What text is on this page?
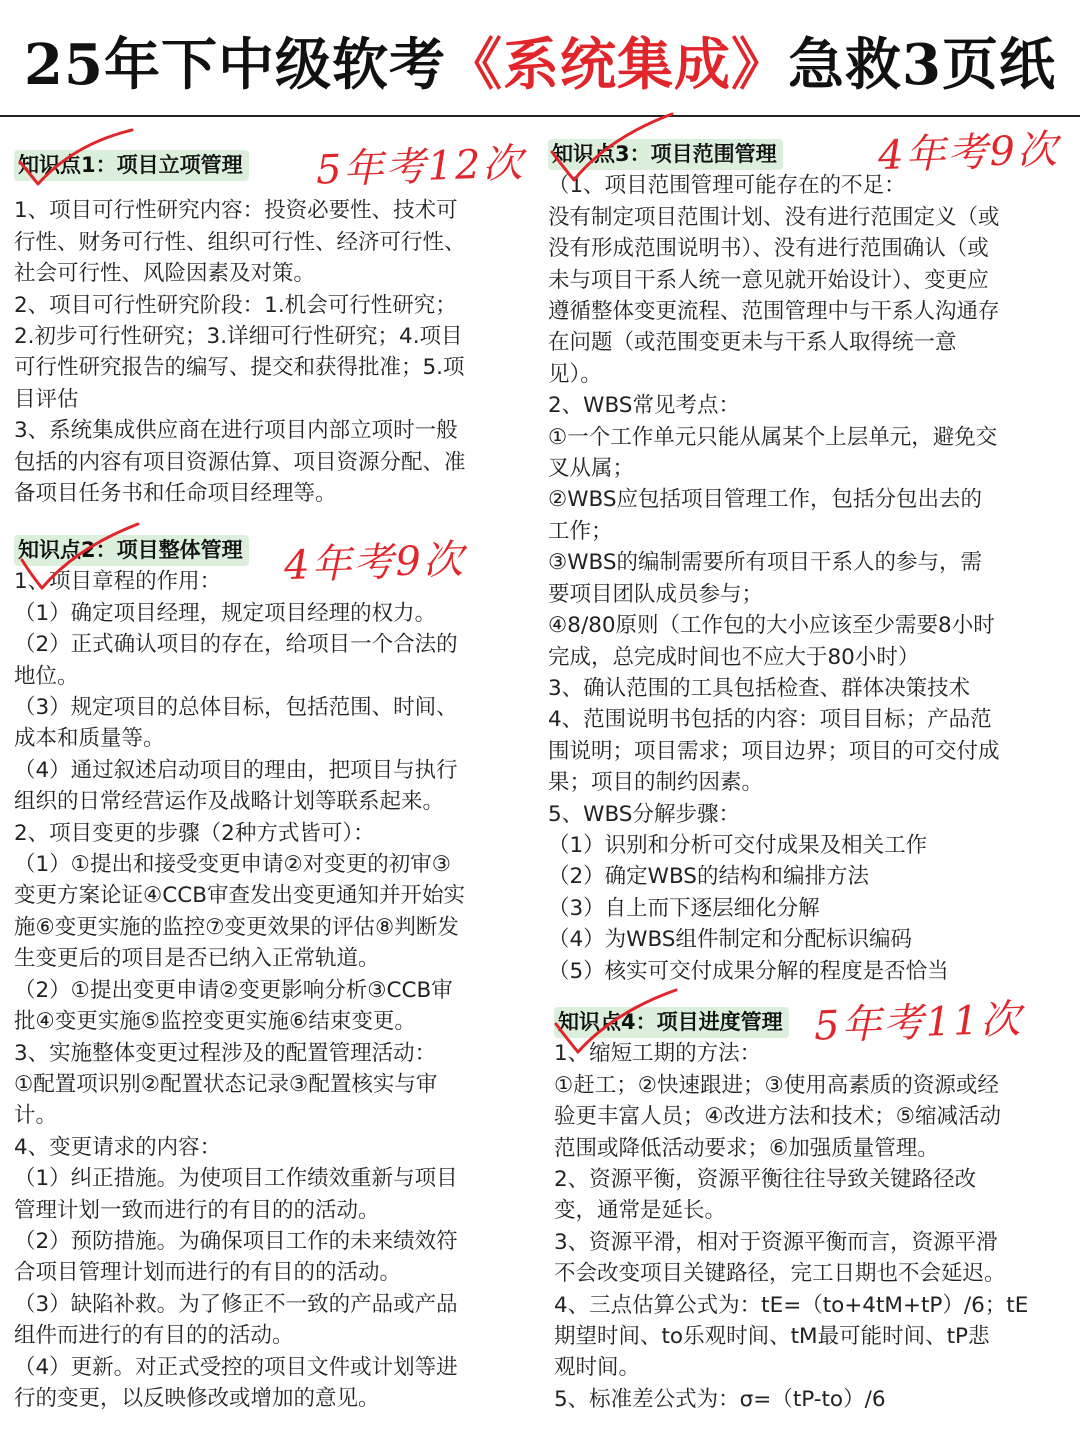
25年下中级软考《系统集成》急救3页纸
知识点1：项目立项管理

1、项目可行性研究内容：投资必要性、技术可

行性、财务可行性、组织可行性、经济可行性、

社会可行性、风险因素及对策。

2、项目可行性研究阶段：1.机会可行性研究；

2.初步可行性研究；3.详细可行性研究；4.项目

可行性研究报告的编写、提交和获得批准；5.项

目评估

3、系统集成供应商在进行项目内部立项时一般

包括的内容有项目资源估算、项目资源分配、准

备项目任务书和任命项目经理等。

5年考12次
知识点2：项目整体管理

1、项目章程的作用：

（1）确定项目经理，规定项目经理的权力。

（2）正式确认项目的存在，给项目一个合法的

地位。

（3）规定项目的总体目标，包括范围、时间、

成本和质量等。

（4）通过叙述启动项目的理由，把项目与执行

组织的日常经营运作及战略计划等联系起来。

2、项目变更的步骤（2种方式皆可）：

（1）①提出和接受变更申请②对变更的初审③

变更方案论证④CCB审查发出变更通知并开始实

施⑥变更实施的监控⑦变更效果的评估⑧判断发

生变更后的项目是否已纳入正常轨道。

（2）①提出变更申请②变更影响分析③CCB审

批④变更实施⑤监控变更实施⑥结束变更。

3、实施整体变更过程涉及的配置管理活动：

①配置项识别②配置状态记录③配置核实与审

计。

4、变更请求的内容：

（1）纠正措施。为使项目工作绩效重新与项目

管理计划一致而进行的有目的的活动。

（2）预防措施。为确保项目工作的未来绩效符

合项目管理计划而进行的有目的的活动。

（3）缺陷补救。为了修正不一致的产品或产品

组件而进行的有目的的活动。

（4）更新。对正式受控的项目文件或计划等进

行的变更，以反映修改或增加的意见。

4年考9次
知识点3：项目范围管理

（1、项目范围管理可能存在的不足：

没有制定项目范围计划、没有进行范围定义（或

没有形成范围说明书）、没有进行范围确认（或

未与项目干系人统一意见就开始设计）、变更应

遵循整体变更流程、范围管理中与干系人沟通存

在问题（或范围变更未与干系人取得统一意

见）。

2、WBS常见考点：

①一个工作单元只能从属某个上层单元，避免交

叉从属；

②WBS应包括项目管理工作，包括分包出去的

工作；

③WBS的编制需要所有项目干系人的参与，需

要项目团队成员参与；

④8/80原则（工作包的大小应该至少需要8小时

完成，总完成时间也不应大于80小时）

3、确认范围的工具包括检查、群体决策技术

4、范围说明书包括的内容：项目目标；产品范

围说明；项目需求；项目边界；项目的可交付成

果；项目的制约因素。

5、WBS分解步骤：

（1）识别和分析可交付成果及相关工作

（2）确定WBS的结构和编排方法

（3）自上而下逐层细化分解

（4）为WBS组件制定和分配标识编码

（5）核实可交付成果分解的程度是否恰当

4年考9次
知识点4：项目进度管理

1、缩短工期的方法：

①赶工；②快速跟进；③使用高素质的资源或经

验更丰富人员；④改进方法和技术；⑤缩减活动

范围或降低活动要求；⑥加强质量管理。

2、资源平衡，资源平衡往往导致关键路径改

变，通常是延长。

3、资源平滑，相对于资源平衡而言，资源平滑

不会改变项目关键路径，完工日期也不会延迟。

4、三点估算公式为：tE=（to+4tM+tP）/6；tE

期望时间、to乐观时间、tM最可能时间、tP悲

观时间。

5、标准差公式为：σ=（tP-to）/6

5年考11次
